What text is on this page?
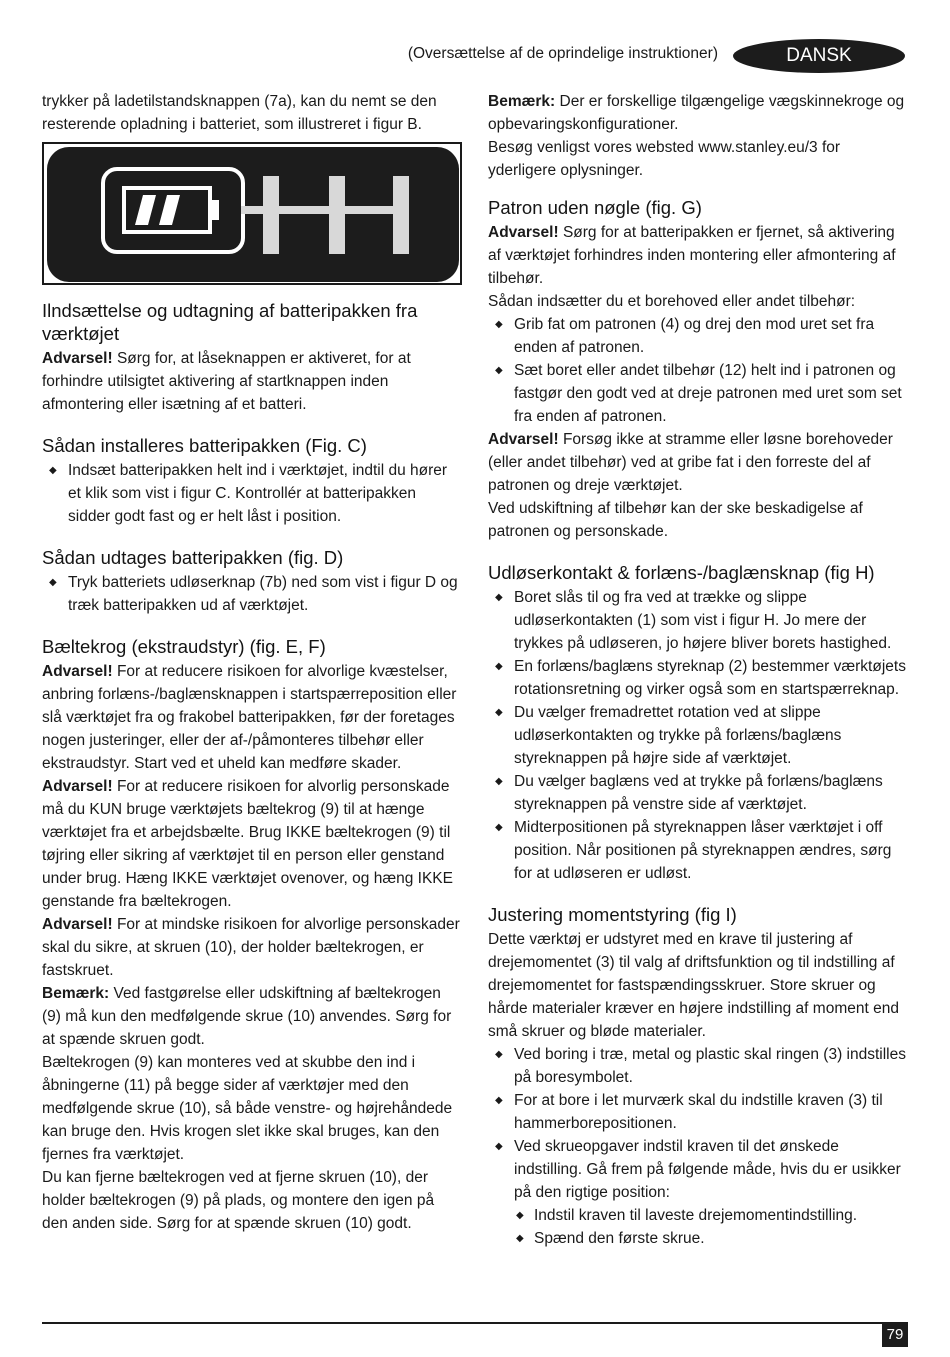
(Oversættelse af de oprindelige instruktioner)	DANSK

trykker på ladetilstandsknappen (7a), kan du nemt se den resterende opladning i batteriet, som illustreret i figur B.

Ilndsættelse og udtagning af batteripakken fra værktøjet

Advarsel! Sørg for, at låseknappen er aktiveret, for at forhindre utilsigtet aktivering af startknappen inden afmontering eller isætning af et batteri.

Sådan installeres batteripakken (Fig. C)

◆ Indsæt batteripakken helt ind i værktøjet, indtil du hører et klik som vist i figur C. Kontrollér at batteripakken sidder godt fast og er helt låst i position.

Sådan udtages batteripakken (fig. D)

◆ Tryk batteriets udløserknap (7b) ned som vist i figur D og træk batteripakken ud af værktøjet.

Bæltekrog (ekstraudstyr) (fig. E, F)

Advarsel! For at reducere risikoen for alvorlige kvæstelser, anbring forlæns-/baglænsknappen i startspærreposition eller slå værktøjet fra og frakobel batteripakken, før der foretages nogen justeringer, eller der af-/påmonteres tilbehør eller ekstraudstyr. Start ved et uheld kan medføre skader.

Advarsel! For at reducere risikoen for alvorlig personskade må du KUN bruge værktøjets bæltekrog (9) til at hænge værktøjet fra et arbejdsbælte. Brug IKKE bæltekrogen (9) til tøjring eller sikring af værktøjet til en person eller genstand under brug. Hæng IKKE værktøjet ovenover, og hæng IKKE genstande fra bæltekrogen.

Advarsel! For at mindske risikoen for alvorlige personskader skal du sikre, at skruen (10), der holder bæltekrogen, er fastskruet.

Bemærk: Ved fastgørelse eller udskiftning af bæltekrogen (9) må kun den medfølgende skrue (10) anvendes. Sørg for at spænde skruen godt.

Bæltekrogen (9) kan monteres ved at skubbe den ind i åbningerne (11) på begge sider af værktøjer med den medfølgende skrue (10), så både venstre- og højrehåndede kan bruge den. Hvis krogen slet ikke skal bruges, kan den fjernes fra værktøjet.

Du kan fjerne bæltekrogen ved at fjerne skruen (10), der holder bæltekrogen (9) på plads, og montere den igen på den anden side. Sørg for at spænde skruen (10) godt.

Bemærk: Der er forskellige tilgængelige vægskinnekroge og opbevaringskonfigurationer.

Besøg venligst vores websted www.stanley.eu/3 for yderligere oplysninger.

Patron uden nøgle (fig. G)

Advarsel! Sørg for at batteripakken er fjernet, så aktivering af værktøjet forhindres inden montering eller afmontering af tilbehør.

Sådan indsætter du et borehoved eller andet tilbehør:

◆ Grib fat om patronen (4) og drej den mod uret set fra enden af patronen.
◆ Sæt boret eller andet tilbehør (12) helt ind i patronen og fastgør den godt ved at dreje patronen med uret som set fra enden af patronen.

Advarsel! Forsøg ikke at stramme eller løsne borehoveder (eller andet tilbehør) ved at gribe fat i den forreste del af patronen og dreje værktøjet.

Ved udskiftning af tilbehør kan der ske beskadigelse af patronen og personskade.

Udløserkontakt & forlæns-/baglænsknap (fig H)

◆ Boret slås til og fra ved at trække og slippe udløserkontakten (1) som vist i figur H. Jo mere der trykkes på udløseren, jo højere bliver borets hastighed.
◆ En forlæns/baglæns styreknap (2) bestemmer værktøjets rotationsretning og virker også som en startspærreknap.
◆ Du vælger fremadrettet rotation ved at slippe udløserkontakten og trykke på forlæns/baglæns styreknappen på højre side af værktøjet.
◆ Du vælger baglæns ved at trykke på forlæns/baglæns styreknappen på venstre side af værktøjet.
◆ Midterpositionen på styreknappen låser værktøjet i off position. Når positionen på styreknappen ændres, sørg for at udløseren er udløst.

Justering momentstyring (fig I)

Dette værktøj er udstyret med en krave til justering af drejemomentet (3) til valg af driftsfunktion og til indstilling af drejemomentet for fastspændingsskruer. Store skruer og hårde materialer kræver en højere indstilling af moment end små skruer og bløde materialer.

◆ Ved boring i træ, metal og plastic skal ringen (3) indstilles på boresymbolet.
◆ For at bore i let murværk skal du indstille kraven (3) til hammerborepositionen.
◆ Ved skrueopgaver indstil kraven til det ønskede indstilling. Gå frem på følgende måde, hvis du er usikker på den rigtige position:
◆ Indstil kraven til laveste drejemomentindstilling.
◆ Spænd den første skrue.
79
